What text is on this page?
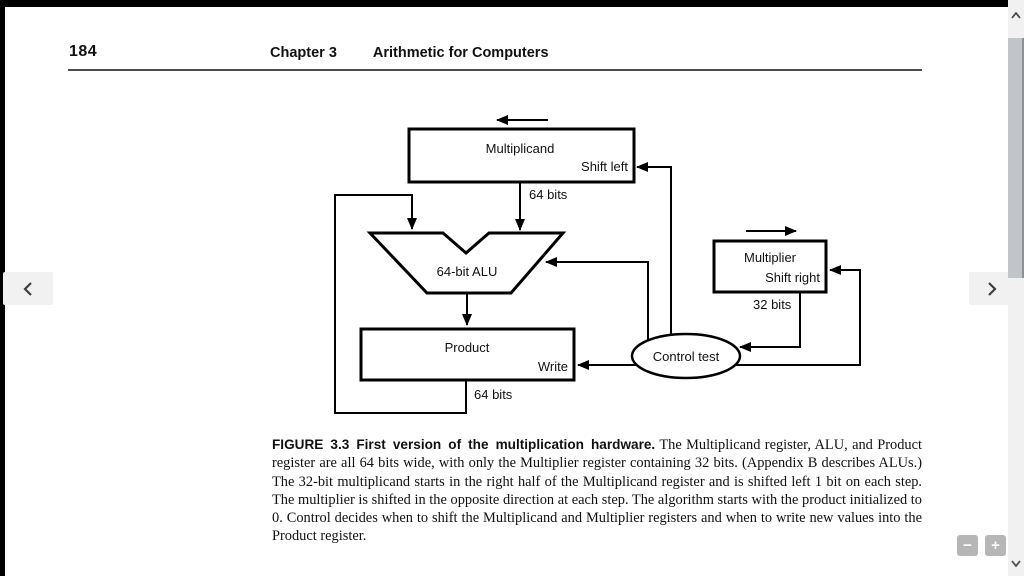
184	Chapter 3 Arithmetic for Computers
Multiplicand
Shift left
64 bits
64-bit ALU
Product
Write
64 bits
Multiplier
Shift right
32 bits
Control test

FIGURE 3.3 First version of the multiplication hardware. The Multiplicand register, ALU, and Product register are all 64 bits wide, with only the Multiplier register containing 32 bits. (Appendix B describes ALUs.) The 32-bit multiplicand starts in the right half of the Multiplicand register and is shifted left 1 bit on each step. The multiplier is shifted in the opposite direction at each step. The algorithm starts with the product initialized to 0. Control decides when to shift the Multiplicand and Multiplier registers and when to write new values into the Product register.

−	+
